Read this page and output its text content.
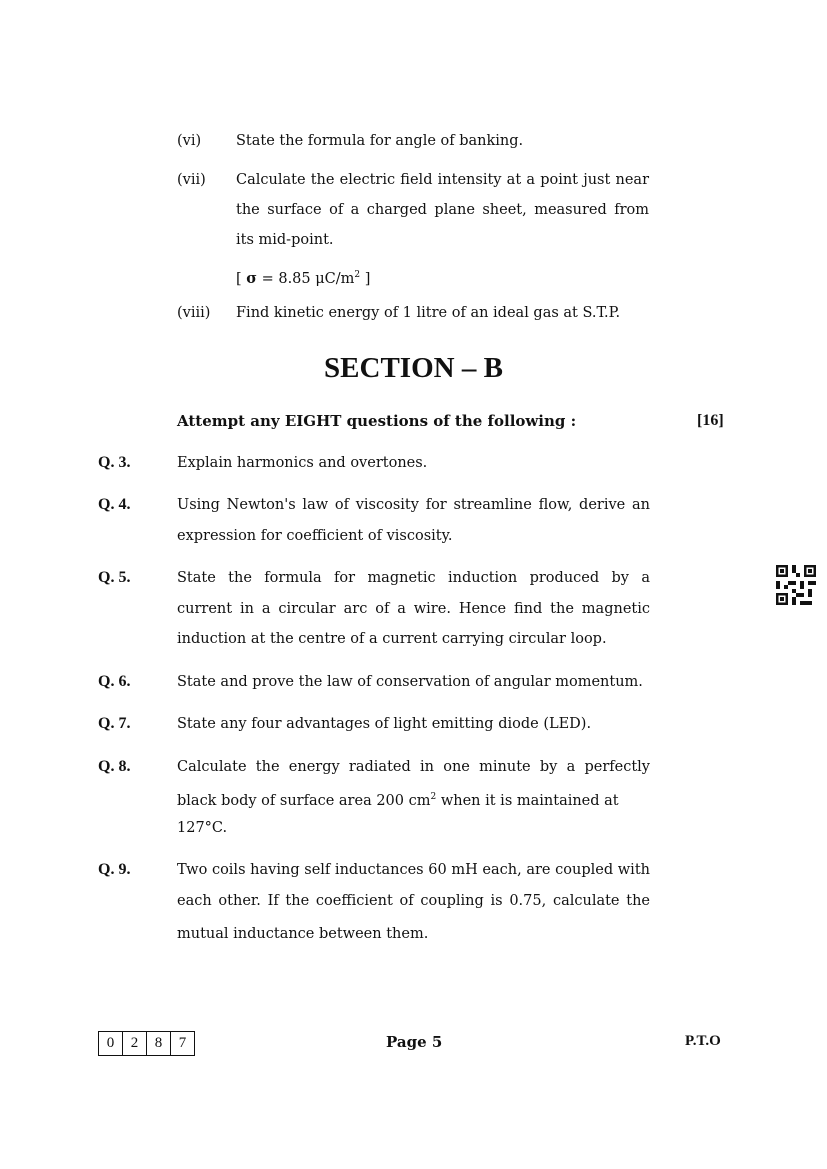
(vi) State the formula for angle of banking.
(vii) Calculate the electric field intensity at a point just near
the surface of a charged plane sheet, measured from
its mid-point.
[ σ = 8.85 $\mu C/m^2$ ]
(viii) Find kinetic energy of 1 litre of an ideal gas at S.T.P.
SECTION – B
Attempt any EIGHT questions of the following :	[16]
Q. 3.	Explain harmonics and overtones.
Q. 4.	Using Newton's law of viscosity for streamline flow, derive an
expression for coefficient of viscosity.
Q. 5.	State the formula for magnetic induction produced by a
current in a circular arc of a wire. Hence find the magnetic
induction at the centre of a current carrying circular loop.
Q. 6.	State and prove the law of conservation of angular momentum.
Q. 7.	State any four advantages of light emitting diode (LED).
Q. 8.	Calculate the energy radiated in one minute by a perfectly
black body of surface area 200 $cm^2$ when it is maintained at
127°C.
Q. 9.	Two coils having self inductances 60 mH each, are coupled with
each other. If the coefficient of coupling is 0.75, calculate the
mutual inductance between them.
0	2	8	7	Page 5	P.T.O
